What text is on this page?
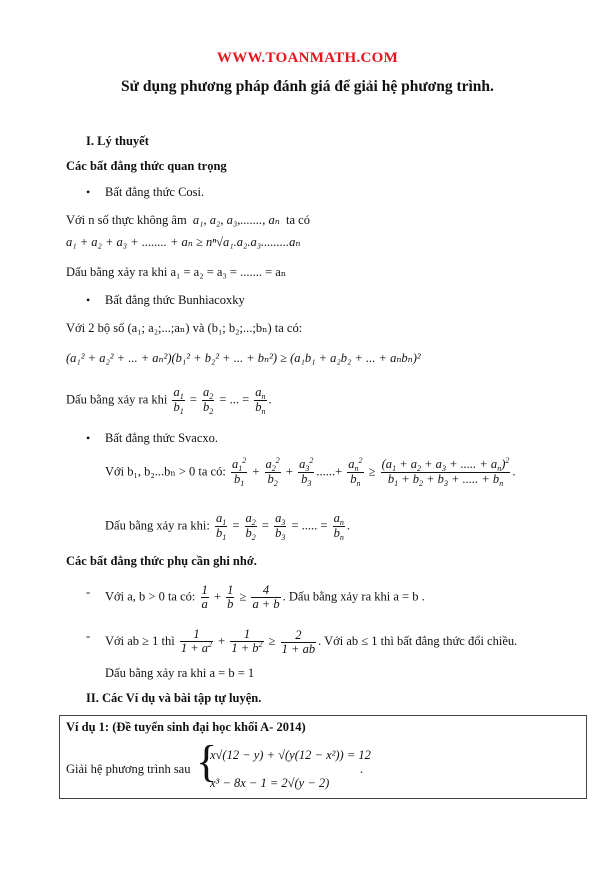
WWW.TOANMATH.COM
Sử dụng phương pháp đánh giá để giải hệ phương trình.
I. Lý thuyết
Các bất đẳng thức quan trọng
• Bất đẳng thức Cosi.
Với n số thực không âm a₁, a₂, a₃,......., aₙ ta có
a₁ + a₂ + a₃ + ........ + aₙ ≥ nⁿ√a₁.a₂.a₃.........aₙ
Dấu bằng xảy ra khi a₁ = a₂ = a₃ = ....... = aₙ
• Bất đẳng thức Bunhiacoxky
Với 2 bộ số (a₁; a₂;...;aₙ) và (b₁; b₂;...;bₙ) ta có:
(a₁² + a₂² + ... + aₙ²)(b₁² + b₂² + ... + bₙ²) ≥ (a₁b₁ + a₂b₂ + ... + aₙbₙ)²
Dấu bằng xảy ra khi $\frac{a_1}{b_1} = \frac{a_2}{b_2}$ = ... = $\frac{a_n}{b_n}$ .
• Bất đẳng thức Svacxo.
Với b₁, b₂...bₙ > 0 ta có: $\frac{a_1^2}{b_1} + \frac{a_2^2}{b_2} + \frac{a_3^2}{b_3}$ ......+ $\frac{a_n^2}{b_n} \ge \frac{(a_1 + a_2 + a_3 + ..... + a_n)^2}{b_1 + b_2 + b_3 + ..... + b_n}$ .
Dấu bằng xảy ra khi: $\frac{a_1}{b_1} = \frac{a_2}{b_2} = \frac{a_3}{b_3}$ = ..... = $\frac{a_n}{b_n}$ .
Các bất đẳng thức phụ cần ghi nhớ.
- Với a, b > 0 ta có: $\frac{1}{a} + \frac{1}{b} \ge \frac{4}{a + b}$ . Dấu bằng xảy ra khi a = b .
- Với ab ≥ 1 thì $\frac{1}{1 + a^2} + \frac{1}{1 + b^2} \ge \frac{2}{1 + ab}$ . Với ab ≤ 1 thì bất đẳng thức đổi chiều.
Dấu bằng xảy ra khi a = b = 1
II. Các Ví dụ và bài tập tự luyện.
Ví dụ 1: (Đề tuyển sinh đại học khối A- 2014)
Giải hệ phương trình sau {
x√(12 − y) + √(y(12 − x²)) = 12
x³ − 8x − 1 = 2√(y − 2)
.
